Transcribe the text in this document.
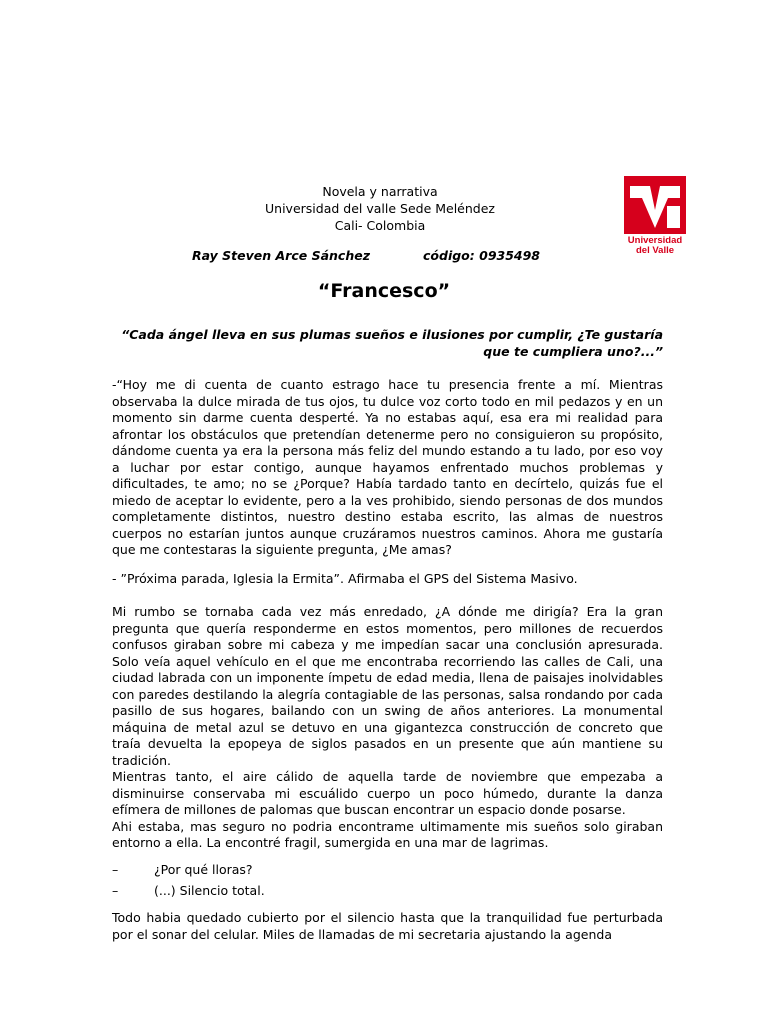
Novela y narrativa
Universidad del valle Sede Meléndez
Cali- Colombia
Ray Steven Arce Sánchez	código: 0935498
Universidad
del Valle
“Francesco”
“Cada ángel lleva en sus plumas sueños e ilusiones por cumplir, ¿Te gustaría que te cumpliera uno?...”
-“Hoy me di cuenta de cuanto estrago hace tu presencia frente a mí. Mientras observaba la dulce mirada de tus ojos, tu dulce voz corto todo en mil pedazos y en un momento sin darme cuenta desperté. Ya no estabas aquí, esa era mi realidad para afrontar los obstáculos que pretendían detenerme pero no consiguieron su propósito, dándome cuenta ya era la persona más feliz del mundo estando a tu lado, por eso voy a luchar por estar contigo, aunque hayamos enfrentado muchos problemas y dificultades, te amo; no se ¿Porque? Había tardado tanto en decírtelo, quizás fue el miedo de aceptar lo evidente, pero a la ves prohibido, siendo personas de dos mundos completamente distintos, nuestro destino estaba escrito, las almas de nuestros cuerpos no estarían juntos aunque cruzáramos nuestros caminos. Ahora me gustaría que me contestaras la siguiente pregunta, ¿Me amas?
- ”Próxima parada, Iglesia la Ermita”. Afirmaba el GPS del Sistema Masivo.
Mi rumbo se tornaba cada vez más enredado, ¿A dónde me dirigía? Era la gran pregunta que quería responderme en estos momentos, pero millones de recuerdos confusos giraban sobre mi cabeza y me impedían sacar una conclusión apresurada. Solo veía aquel vehículo en el que me encontraba recorriendo las calles de Cali, una ciudad labrada con un imponente ímpetu de edad media, llena de paisajes inolvidables con paredes destilando la alegría contagiable de las personas, salsa rondando por cada pasillo de sus hogares, bailando con un swing de años anteriores. La monumental máquina de metal azul se detuvo en una gigantezca construcción de concreto que traía devuelta la epopeya de siglos pasados en un presente que aún mantiene su tradición.
Mientras tanto, el aire cálido de aquella tarde de noviembre que empezaba a disminuirse conservaba mi escuálido cuerpo un poco húmedo, durante la danza efímera de millones de palomas que buscan encontrar un espacio donde posarse.
Ahi estaba, mas seguro no podria encontrame ultimamente mis sueños solo giraban entorno a ella. La encontré fragil, sumergida en una mar de lagrimas.
– ¿Por qué lloras?
– (...) Silencio total.
Todo habia quedado cubierto por el silencio hasta que la tranquilidad fue perturbada por el sonar del celular. Miles de llamadas de mi secretaria ajustando la agenda
